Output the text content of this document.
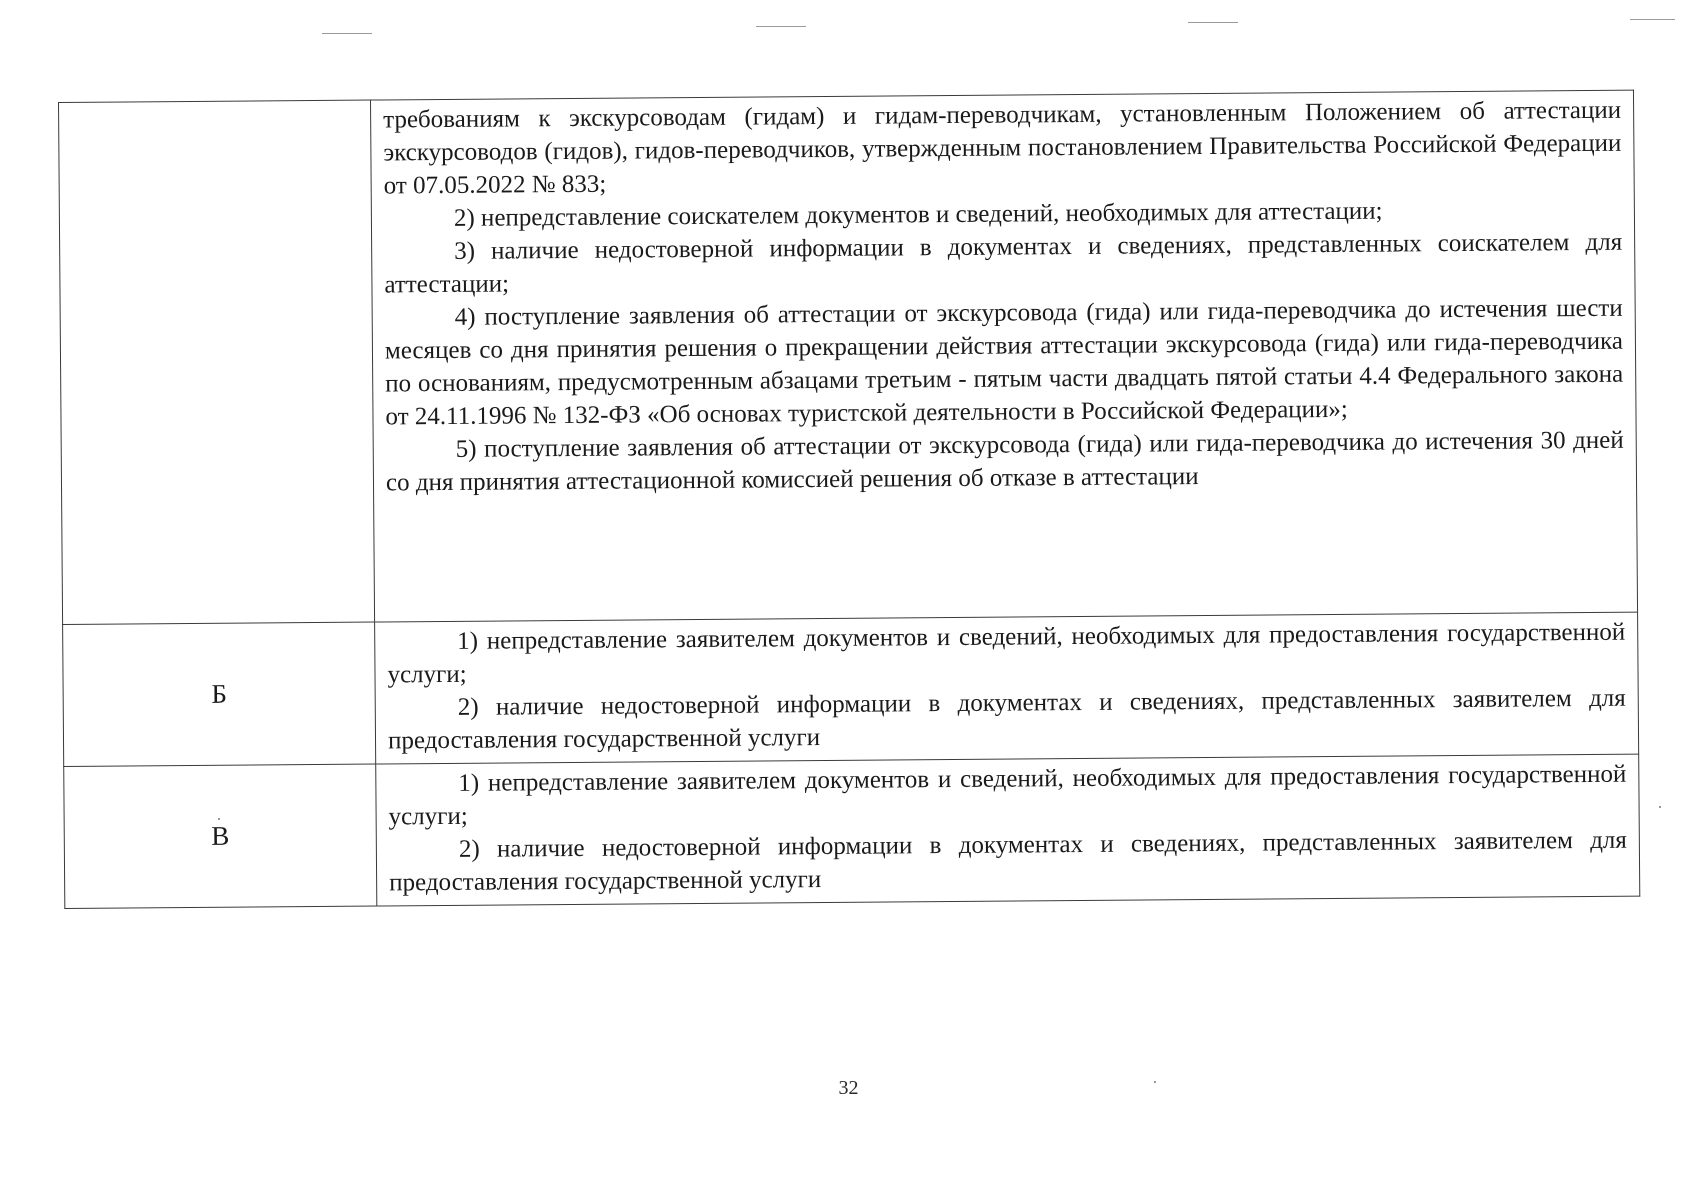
	требованиям к экскурсоводам (гидам) и гидам-переводчикам, установленным Положением об аттестации экскурсоводов (гидов), гидов-переводчиков, утвержденным постановлением Правительства Российской Федерации от 07.05.2022 № 833;

2) непредставление соискателем документов и сведений, необходимых для аттестации;

3) наличие недостоверной информации в документах и сведениях, представленных соискателем для аттестации;

4) поступление заявления об аттестации от экскурсовода (гида) или гида-переводчика до истечения шести месяцев со дня принятия решения о прекращении действия аттестации экскурсовода (гида) или гида-переводчика по основаниям, предусмотренным абзацами третьим - пятым части двадцать пятой статьи 4.4 Федерального закона от 24.11.1996 № 132-ФЗ «Об основах туристской деятельности в Российской Федерации»;

5) поступление заявления об аттестации от экскурсовода (гида) или гида-переводчика до истечения 30 дней со дня принятия аттестационной комиссией решения об отказе в аттестации

Б	1) непредставление заявителем документов и сведений, необходимых для предоставления государственной услуги;

2) наличие недостоверной информации в документах и сведениях, представленных заявителем для предоставления государственной услуги

В	1) непредставление заявителем документов и сведений, необходимых для предоставления государственной услуги;

2) наличие недостоверной информации в документах и сведениях, представленных заявителем для предоставления государственной услуги

32
